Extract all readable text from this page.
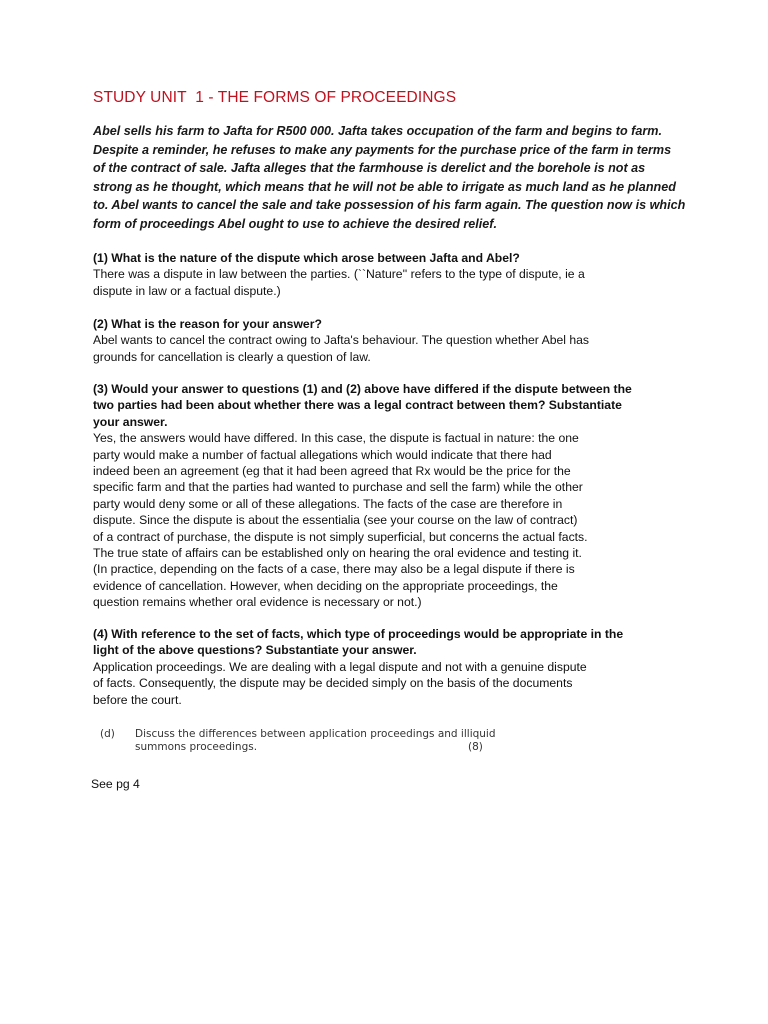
STUDY UNIT  1 - THE FORMS OF PROCEEDINGS
Abel sells his farm to Jafta for R500 000. Jafta takes occupation of the farm and begins to farm.
Despite a reminder, he refuses to make any payments for the purchase price of the farm in terms
of the contract of sale. Jafta alleges that the farmhouse is derelict and the borehole is not as
strong as he thought, which means that he will not be able to irrigate as much land as he planned
to. Abel wants to cancel the sale and take possession of his farm again. The question now is which
form of proceedings Abel ought to use to achieve the desired relief.
(1) What is the nature of the dispute which arose between Jafta and Abel?
There was a dispute in law between the parties. (``Nature'' refers to the type of dispute, ie a
dispute in law or a factual dispute.)
(2) What is the reason for your answer?
Abel wants to cancel the contract owing to Jafta's behaviour. The question whether Abel has
grounds for cancellation is clearly a question of law.
(3) Would your answer to questions (1) and (2) above have differed if the dispute between the
two parties had been about whether there was a legal contract between them? Substantiate
your answer.
Yes, the answers would have differed. In this case, the dispute is factual in nature: the one
party would make a number of factual allegations which would indicate that there had
indeed been an agreement (eg that it had been agreed that Rx would be the price for the
specific farm and that the parties had wanted to purchase and sell the farm) while the other
party would deny some or all of these allegations. The facts of the case are therefore in
dispute. Since the dispute is about the essentialia (see your course on the law of contract)
of a contract of purchase, the dispute is not simply superficial, but concerns the actual facts.
The true state of affairs can be established only on hearing the oral evidence and testing it.
(In practice, depending on the facts of a case, there may also be a legal dispute if there is
evidence of cancellation. However, when deciding on the appropriate proceedings, the
question remains whether oral evidence is necessary or not.)
(4) With reference to the set of facts, which type of proceedings would be appropriate in the
light of the above questions? Substantiate your answer.
Application proceedings. We are dealing with a legal dispute and not with a genuine dispute
of facts. Consequently, the dispute may be decided simply on the basis of the documents
before the court.
(d) Discuss the differences between application proceedings and illiquid
summons proceedings.	(8)
See pg 4
